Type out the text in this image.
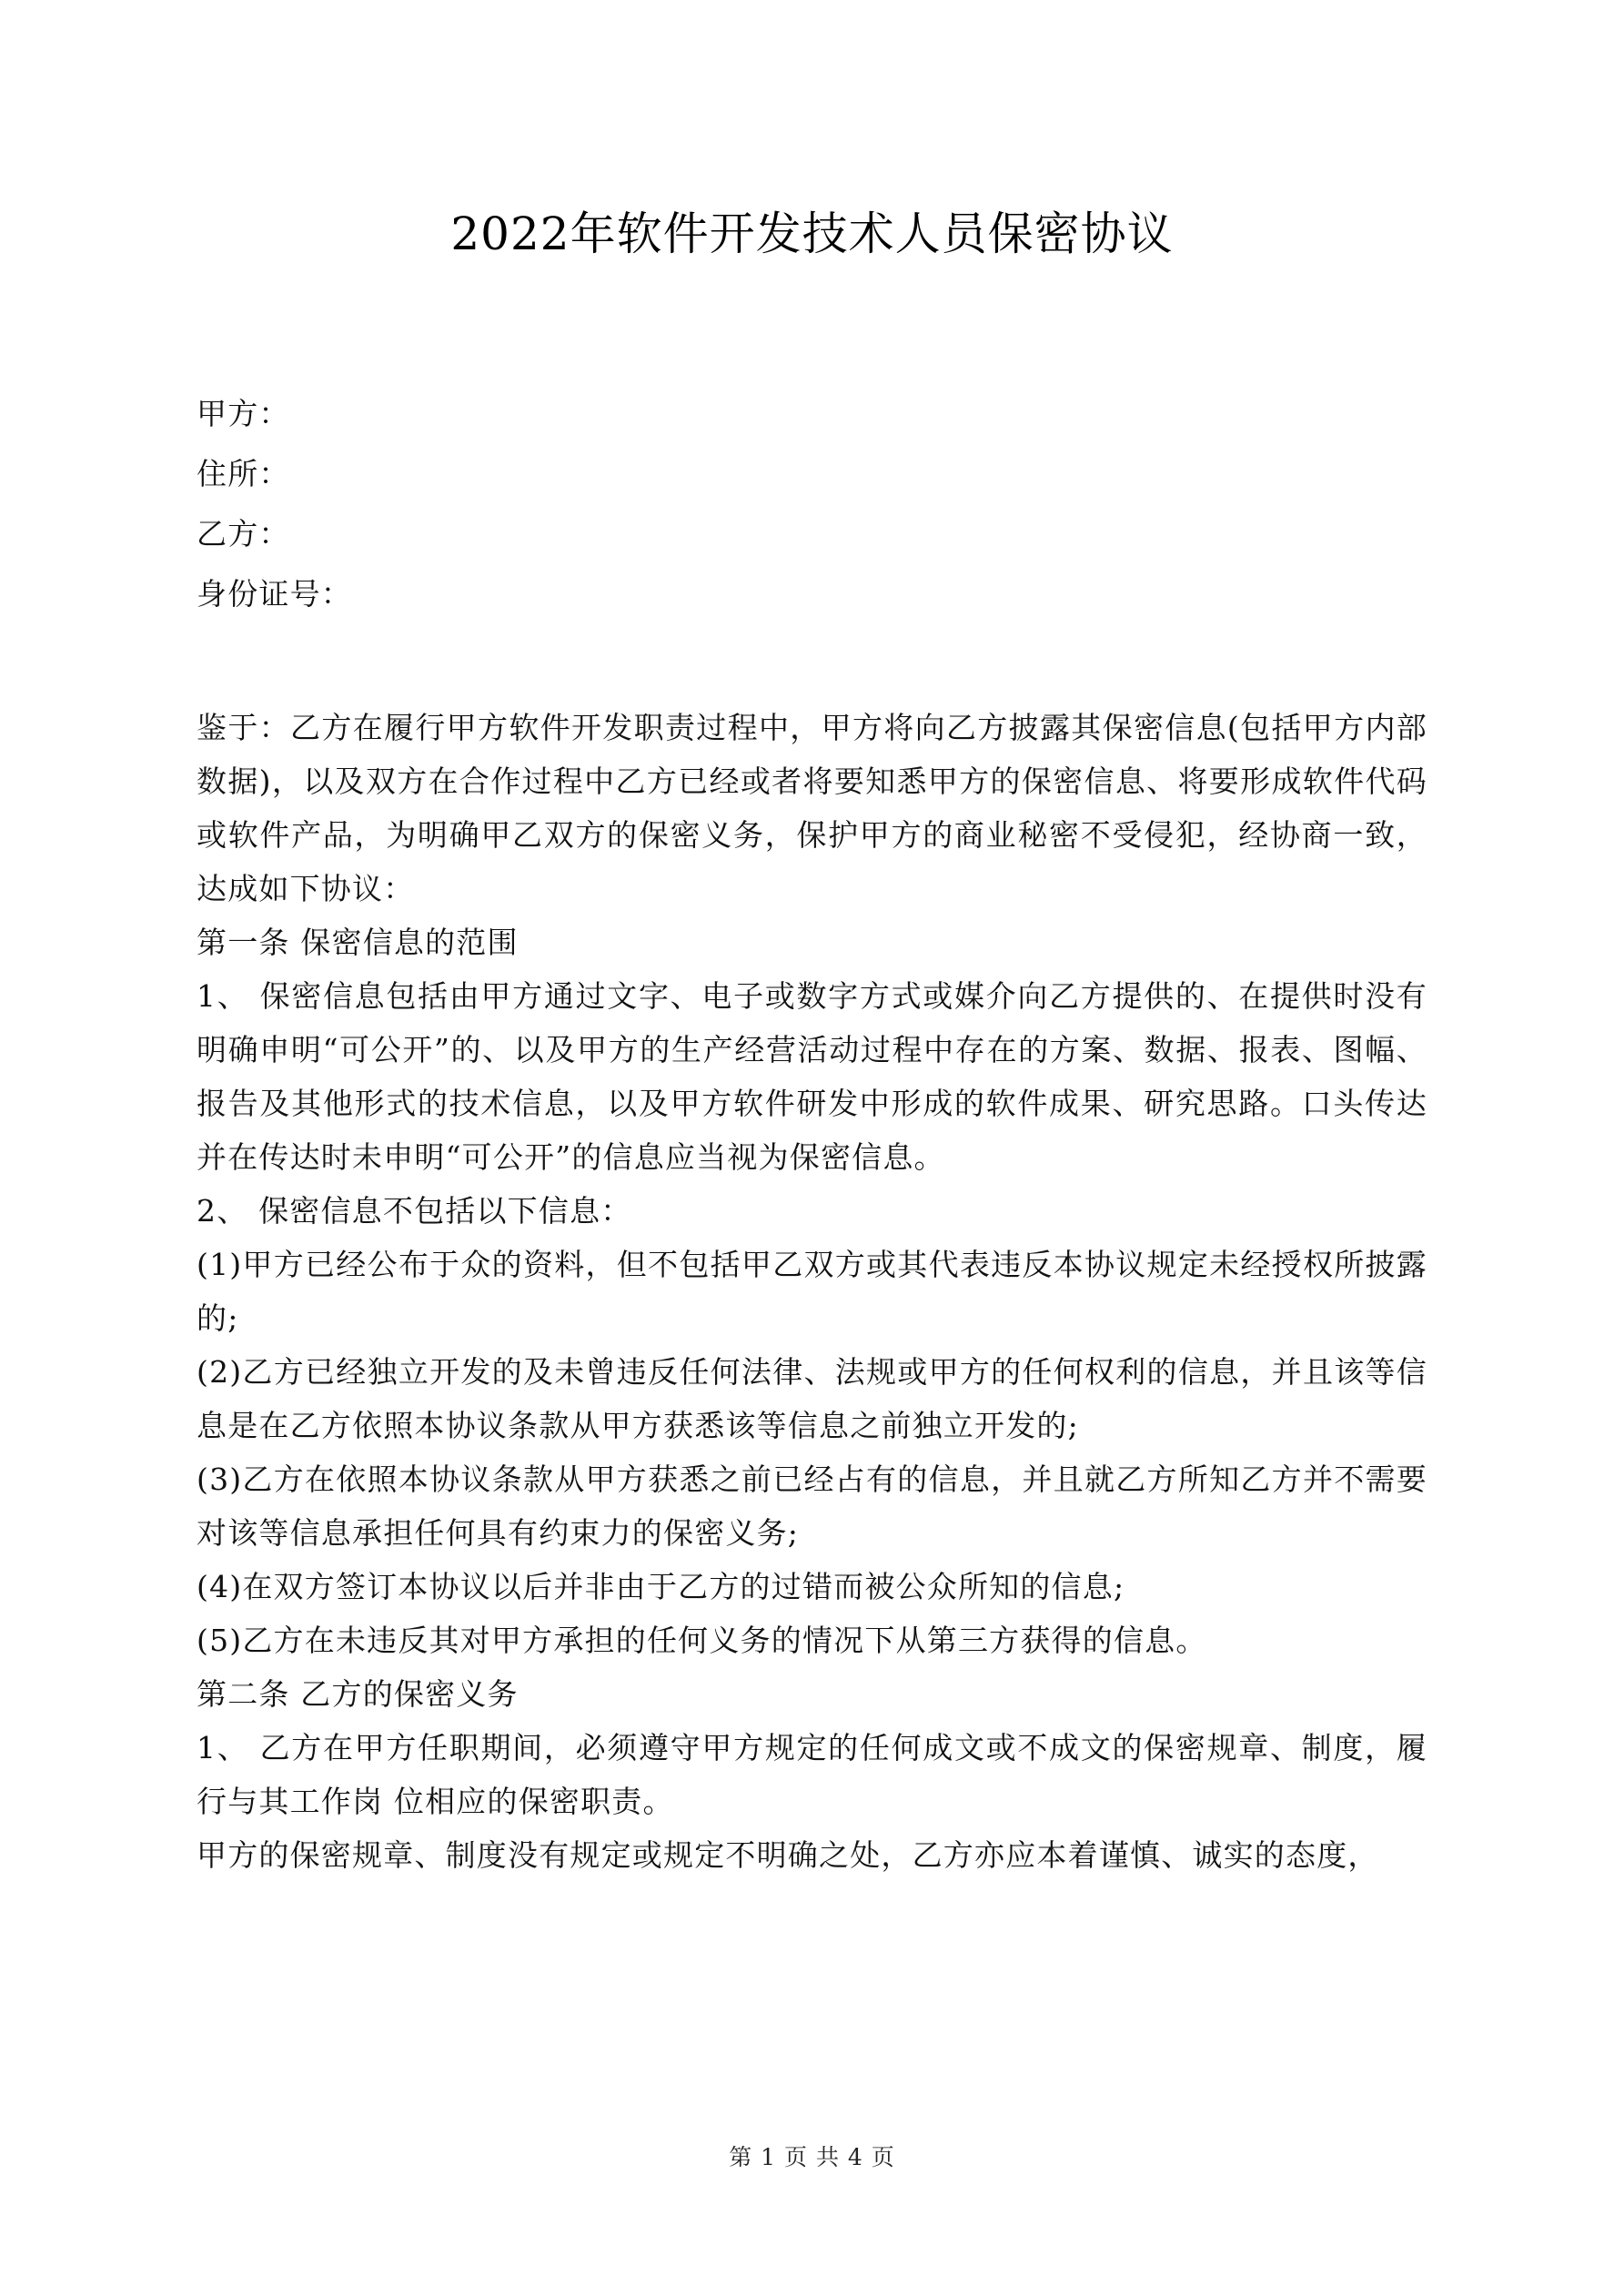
2022年软件开发技术人员保密协议
甲方：
住所：
乙方：
身份证号：

鉴于：乙方在履行甲方软件开发职责过程中，甲方将向乙方披露其保密信息(包括甲方内部数据)，以及双方在合作过程中乙方已经或者将要知悉甲方的保密信息、将要形成软件代码或软件产品，为明确甲乙双方的保密义务，保护甲方的商业秘密不受侵犯，经协商一致，达成如下协议：

第一条 保密信息的范围

1、 保密信息包括由甲方通过文字、电子或数字方式或媒介向乙方提供的、在提供时没有明确申明“可公开”的、以及甲方的生产经营活动过程中存在的方案、数据、报表、图幅、报告及其他形式的技术信息，以及甲方软件研发中形成的软件成果、研究思路。口头传达并在传达时未申明“可公开”的信息应当视为保密信息。

2、 保密信息不包括以下信息：

(1)甲方已经公布于众的资料，但不包括甲乙双方或其代表违反本协议规定未经授权所披露的;

(2)乙方已经独立开发的及未曾违反任何法律、法规或甲方的任何权利的信息，并且该等信息是在乙方依照本协议条款从甲方获悉该等信息之前独立开发的;

(3)乙方在依照本协议条款从甲方获悉之前已经占有的信息，并且就乙方所知乙方并不需要对该等信息承担任何具有约束力的保密义务;

(4)在双方签订本协议以后并非由于乙方的过错而被公众所知的信息;

(5)乙方在未违反其对甲方承担的任何义务的情况下从第三方获得的信息。

第二条 乙方的保密义务

1、 乙方在甲方任职期间，必须遵守甲方规定的任何成文或不成文的保密规章、制度，履行与其工作岗 位相应的保密职责。

甲方的保密规章、制度没有规定或规定不明确之处，乙方亦应本着谨慎、诚实的态度，

第 1 页 共 4 页
